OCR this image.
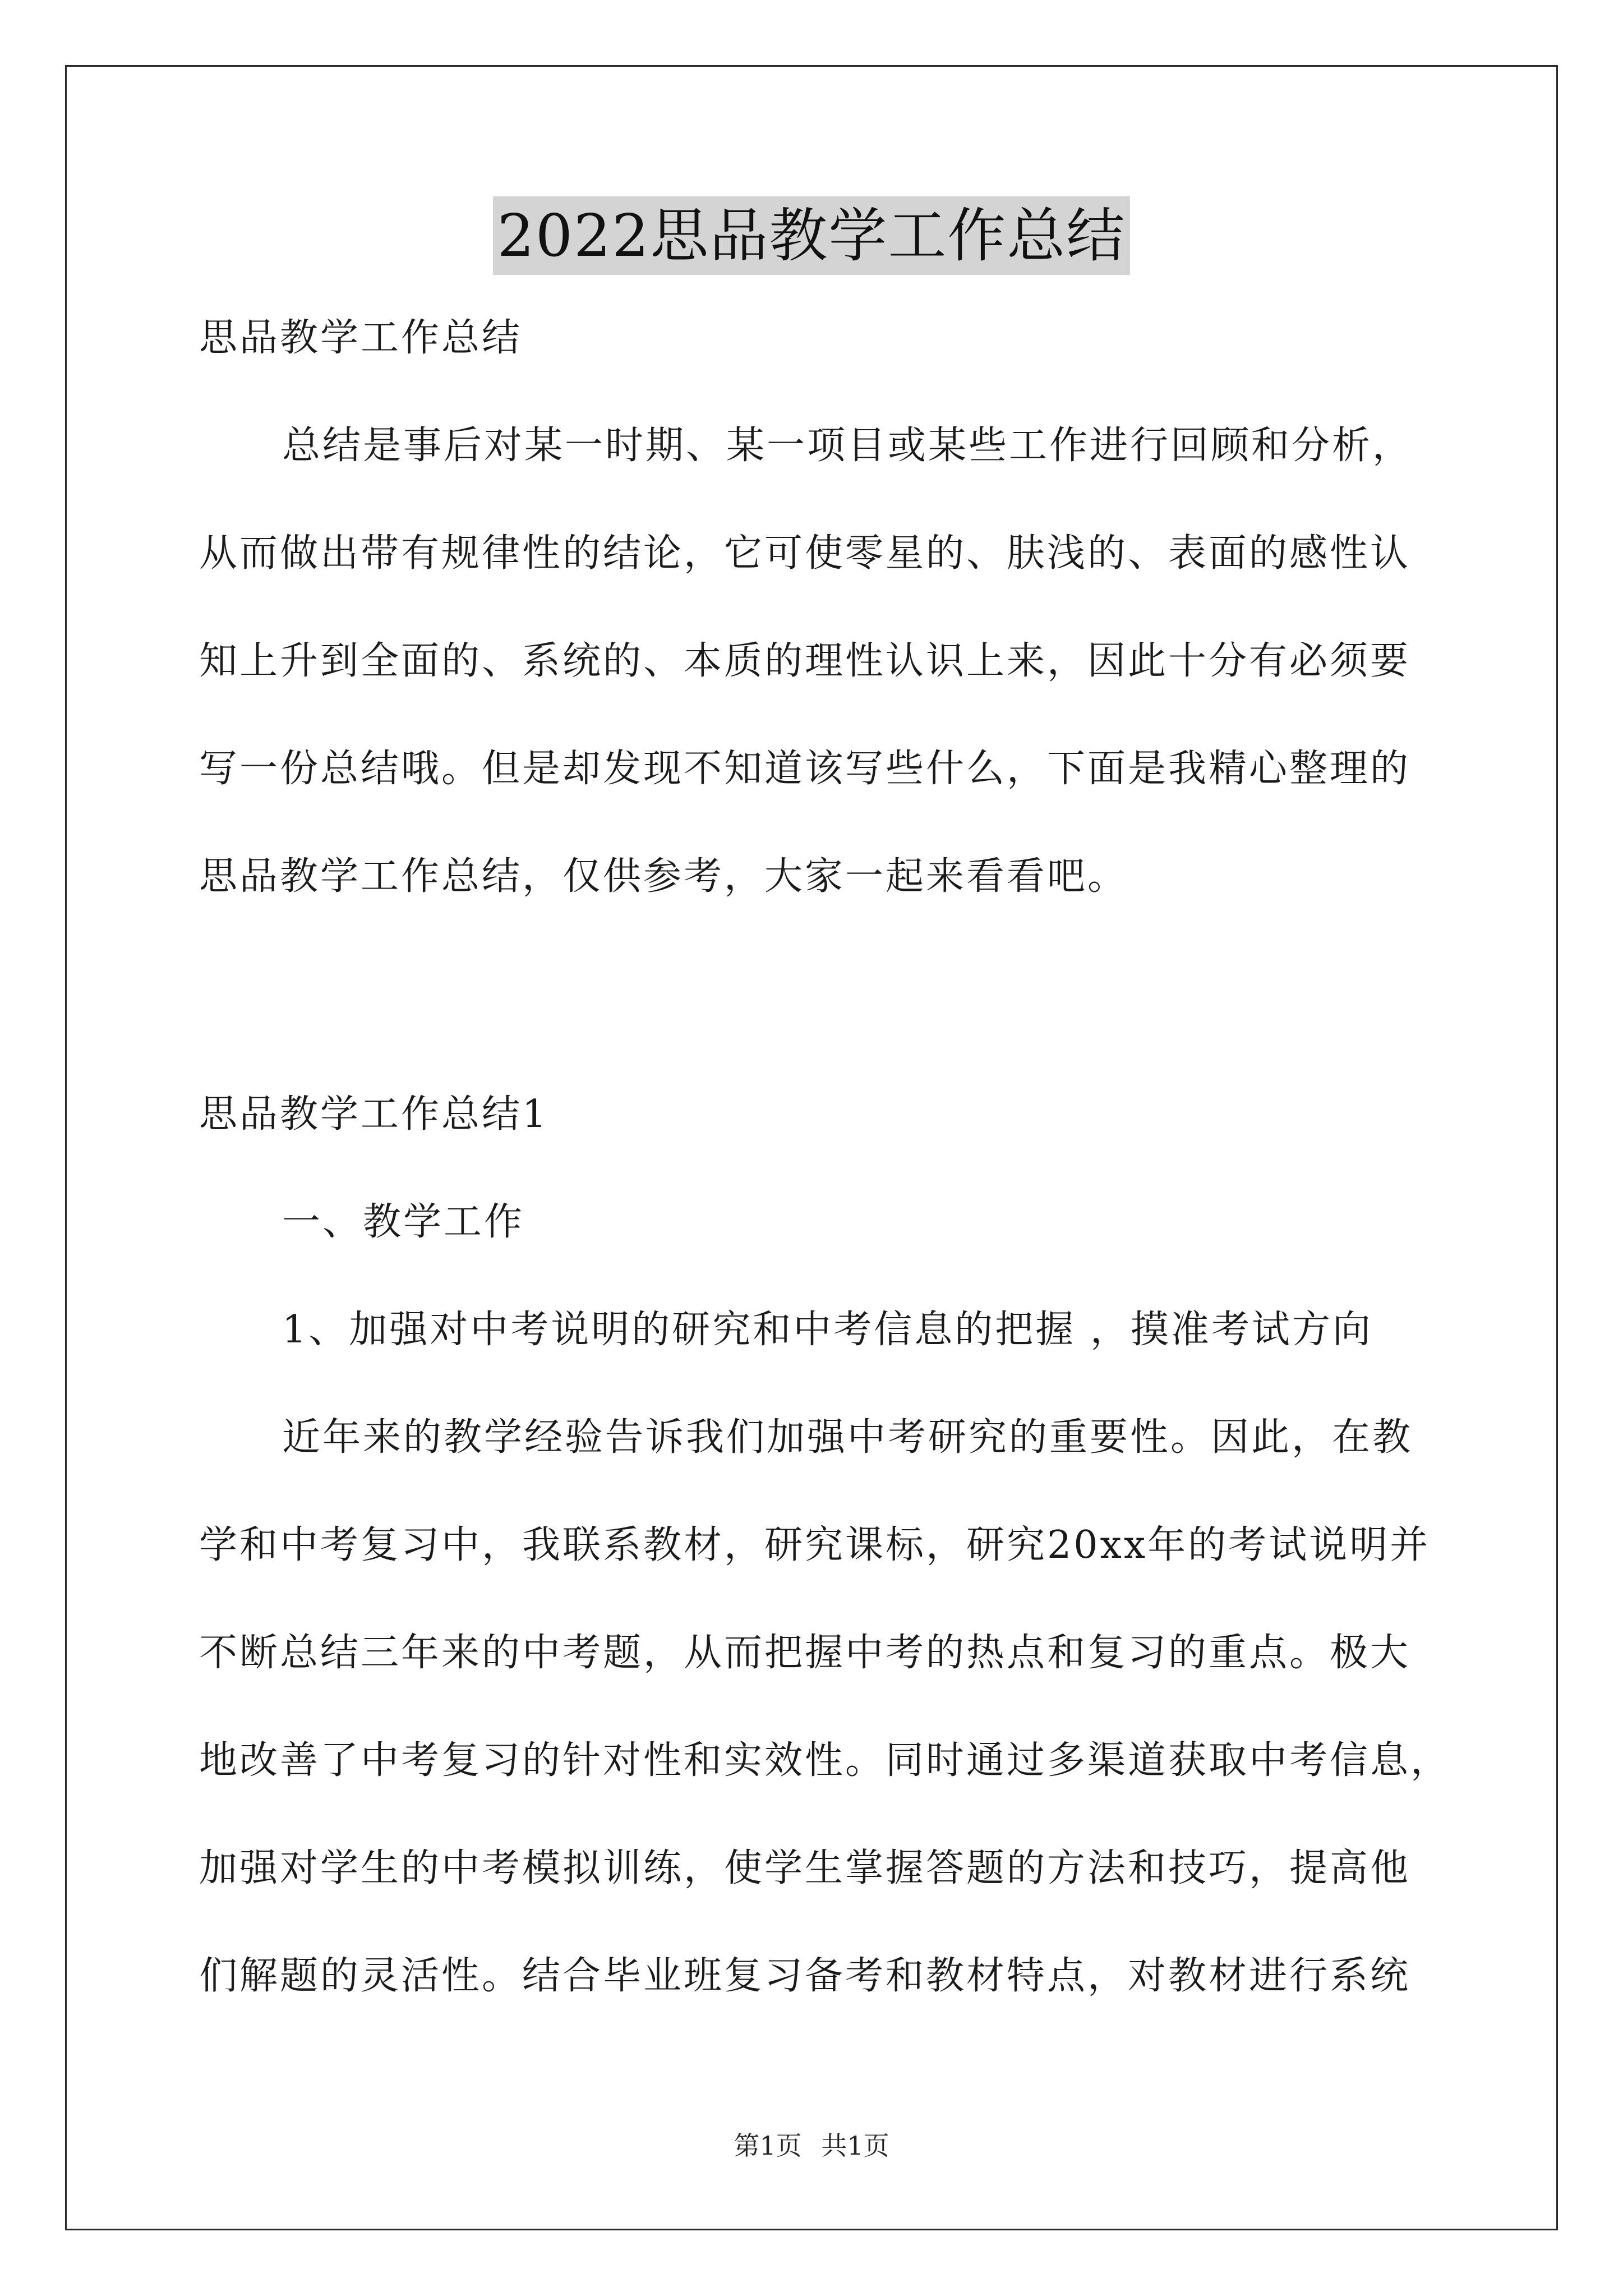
2022思品教学工作总结
思品教学工作总结
总结是事后对某一时期、某一项目或某些工作进行回顾和分析，
从而做出带有规律性的结论，它可使零星的、肤浅的、表面的感性认
知上升到全面的、系统的、本质的理性认识上来，因此十分有必须要
写一份总结哦。但是却发现不知道该写些什么，下面是我精心整理的
思品教学工作总结，仅供参考，大家一起来看看吧。
思品教学工作总结1
一、教学工作
1、加强对中考说明的研究和中考信息的把握 ，摸准考试方向
近年来的教学经验告诉我们加强中考研究的重要性。因此，在教
学和中考复习中，我联系教材，研究课标，研究20xx年的考试说明并
不断总结三年来的中考题，从而把握中考的热点和复习的重点。极大
地改善了中考复习的针对性和实效性。同时通过多渠道获取中考信息，
加强对学生的中考模拟训练，使学生掌握答题的方法和技巧，提高他
们解题的灵活性。结合毕业班复习备考和教材特点，对教材进行系统
第1页 共1页
